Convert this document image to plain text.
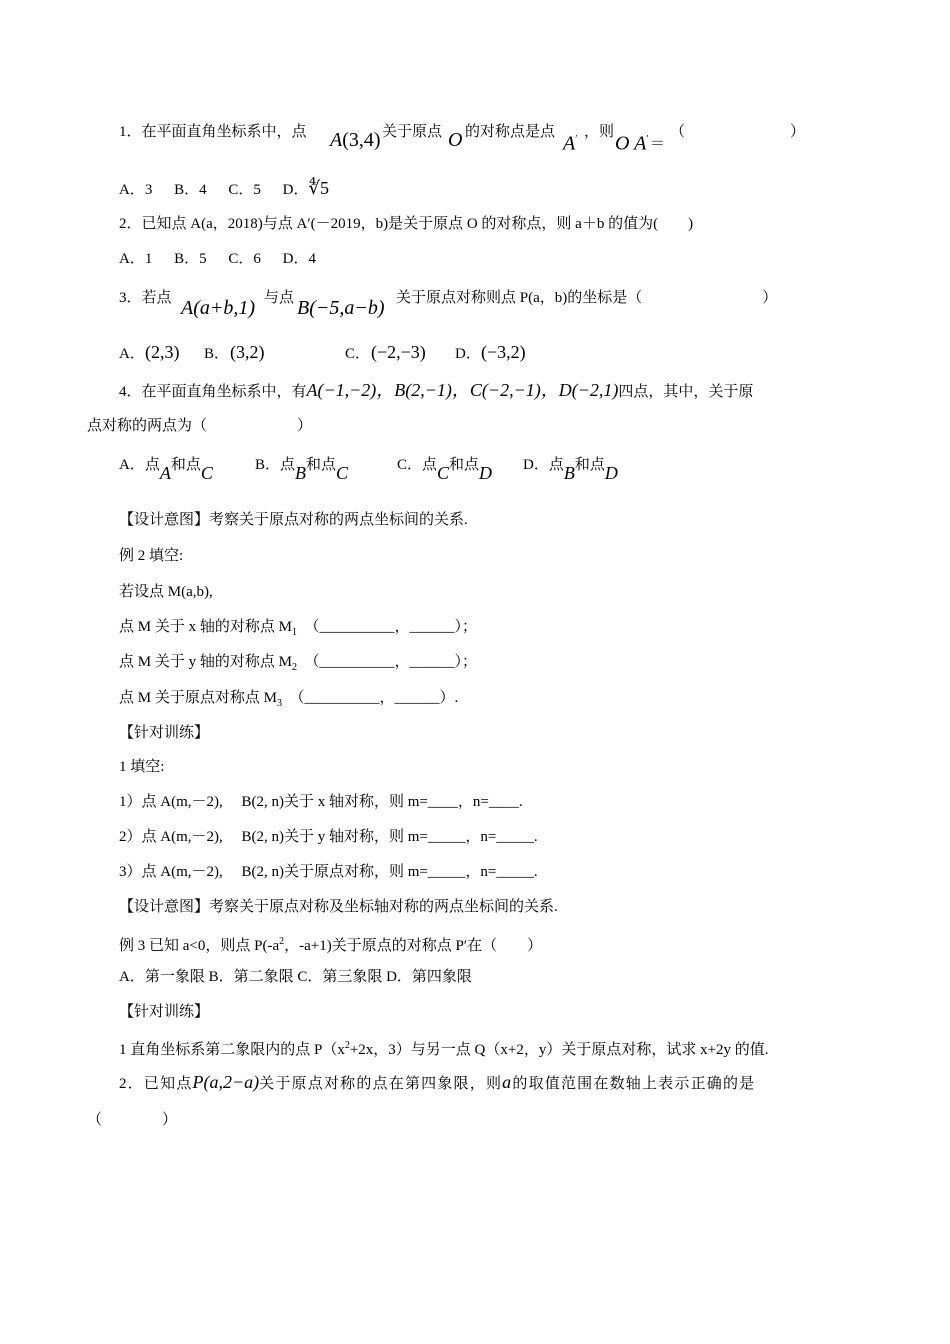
1．在平面直角坐标系中，点 A(3,4) 关于原点 O 的对称点是点
A′ ，则
O A′ ＝
（　　　　　　　）
A．3 B．4 C．5 D．∜5
2．已知点 A(a，2018)与点 A′(－2019，b)是关于原点 O 的对称点，则 a＋b 的值为(　　)
A．1 B．5 C．6 D．4
3．若点 A(a+b,1) 与点 B(−5,a−b) 关于原点对称则点 P(a，b)的坐标是（　　　　　　　　）
A． (2,3) B． (3,2)	C． (−2,−3) D． (−3,2)
4．在平面直角坐标系中，有A(−1,−2)，B(2,−1)，C(−2,−1)，D(−2,1)四点，其中，关于原
点对称的两点为（　　　　　　）
A．点A和点C	B．点B和点C	C．点C和点D D．点B和点D
【设计意图】考察关于原点对称的两点坐标间的关系.
例 2 填空:
若设点 M(a,b),
点 M 关于 x 轴的对称点 $M_1$　 （__________，______）；
点 M 关于 y 轴的对称点 $M_2$　 （__________，______）；
点 M 关于原点对称点 $M_3$　 （__________，______）.
【针对训练】
1 填空:
1）点 A(m,－2),　 B(2, n)关于 x 轴对称，则 m=____，n=____.
2）点 A(m,－2),　 B(2, n)关于 y 轴对称，则 m=_____，n=_____.
3）点 A(m,－2),　 B(2, n)关于原点对称，则 m=_____，n=_____.
【设计意图】考察关于原点对称及坐标轴对称的两点坐标间的关系.
例 3 已知 a<0，则点 $P(-a^2$，-a+1)关于原点的对称点 P′在（　　）
A．第一象限 B．第二象限 C．第三象限 D．第四象限
【针对训练】
1 直角坐标系第二象限内的点 $P(x^2+2x$，3）与另一点 Q（x+2，y）关于原点对称，试求 x+2y 的值.
2．已知点P(a,2−a)关于原点对称的点在第四象限，则a的取值范围在数轴上表示正确的是
（　　　　）
